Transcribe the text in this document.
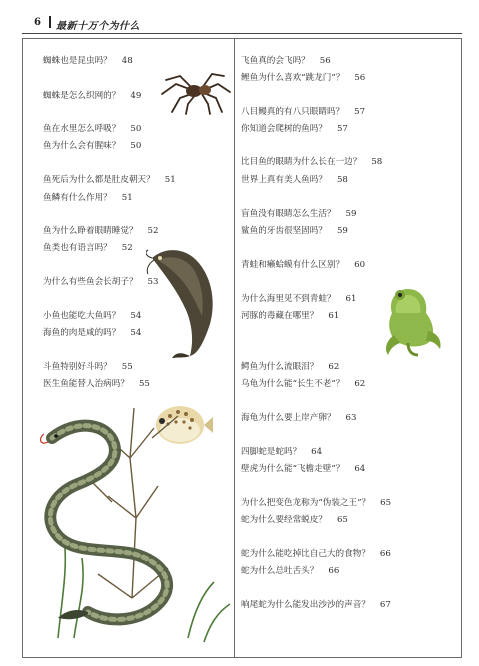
6 最新十万个为什么
蜘蛛也是昆虫吗？ 48
蜘蛛是怎么织网的？ 49
鱼在水里怎么呼吸？ 50
鱼为什么会有腥味？ 50
鱼死后为什么都是肚皮朝天？ 51
鱼鳞有什么作用？ 51
鱼为什么睁着眼睛睡觉？ 52
鱼类也有语言吗？ 52
为什么有些鱼会长胡子？ 53
小鱼也能吃大鱼吗？ 54
海鱼的肉是咸的吗？ 54
斗鱼特别好斗吗？ 55
医生鱼能替人治病吗？ 55
飞鱼真的会飞吗？ 56
鲤鱼为什么喜欢“跳龙门”？ 56
八目鳗真的有八只眼睛吗？ 57
你知道会爬树的鱼吗？ 57
比目鱼的眼睛为什么长在一边？ 58
世界上真有美人鱼吗？ 58
盲鱼没有眼睛怎么生活？ 59
鲨鱼的牙齿很坚固吗？ 59
青蛙和癞蛤蟆有什么区别？ 60
为什么海里见不到青蛙？ 61
河豚的毒藏在哪里？ 61
鳄鱼为什么流眼泪？ 62
乌龟为什么能“长生不老”？ 62
海龟为什么要上岸产卵？ 63
四脚蛇是蛇吗？ 64
壁虎为什么能“飞檐走壁”？ 64
为什么把变色龙称为“伪装之王”？ 65
蛇为什么要经常蜕皮？ 65
蛇为什么能吃掉比自己大的食物？ 66
蛇为什么总吐舌头？ 66
响尾蛇为什么能发出沙沙的声音？ 67
